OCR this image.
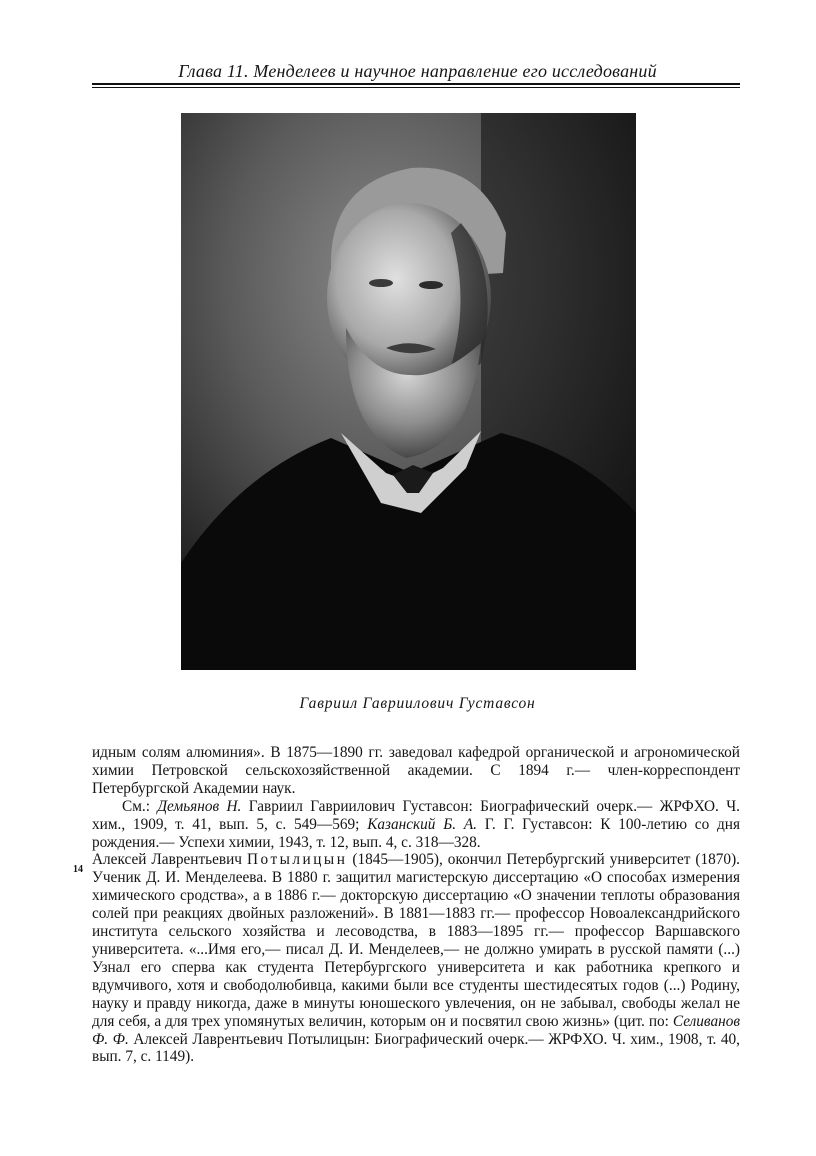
Глава 11. Менделеев и научное направление его исследований
Гавриил Гавриилович Густавсон

идным солям алюминия». В 1875—1890 гг. заведовал кафедрой органической и агрономической химии Петровской сельскохозяйственной академии. С 1894 г.— член-корреспондент Петербургской Академии наук.

См.: Демьянов Н. Гавриил Гавриилович Густавсон: Биографический очерк.— ЖРФХО. Ч. хим., 1909, т. 41, вып. 5, с. 549—569; Казанский Б. А. Г. Г. Густавсон: К 100-летию со дня рождения.— Успехи химии, 1943, т. 12, вып. 4, с. 318—328.

Алексей Лаврентьевич Потылицын (1845—1905), окончил Петербургский университет (1870). Ученик Д. И. Менделеева. В 1880 г. защитил магистерскую диссертацию «О способах измерения химического сродства», а в 1886 г.— докторскую диссертацию «О значении теплоты образования солей при реакциях двойных разложений». В 1881—1883 гг.— профессор Новоалександрийского института сельского хозяйства и лесоводства, в 1883—1895 гг.— профессор Варшавского университета. «...Имя его,— писал Д. И. Менделеев,— не должно умирать в русской памяти (...) Узнал его сперва как студента Петербургского университета и как работника крепкого и вдумчивого, хотя и свободолюбивца, какими были все студенты шестидесятых годов (...) Родину, науку и правду никогда, даже в минуты юношеского увлечения, он не забывал, свободы желал не для себя, а для трех упомянутых величин, которым он и посвятил свою жизнь» (цит. по: Селиванов Ф. Ф. Алексей Лаврентьевич Потылицын: Биографический очерк.— ЖРФХО. Ч. хим., 1908, т. 40, вып. 7, с. 1149).

14
